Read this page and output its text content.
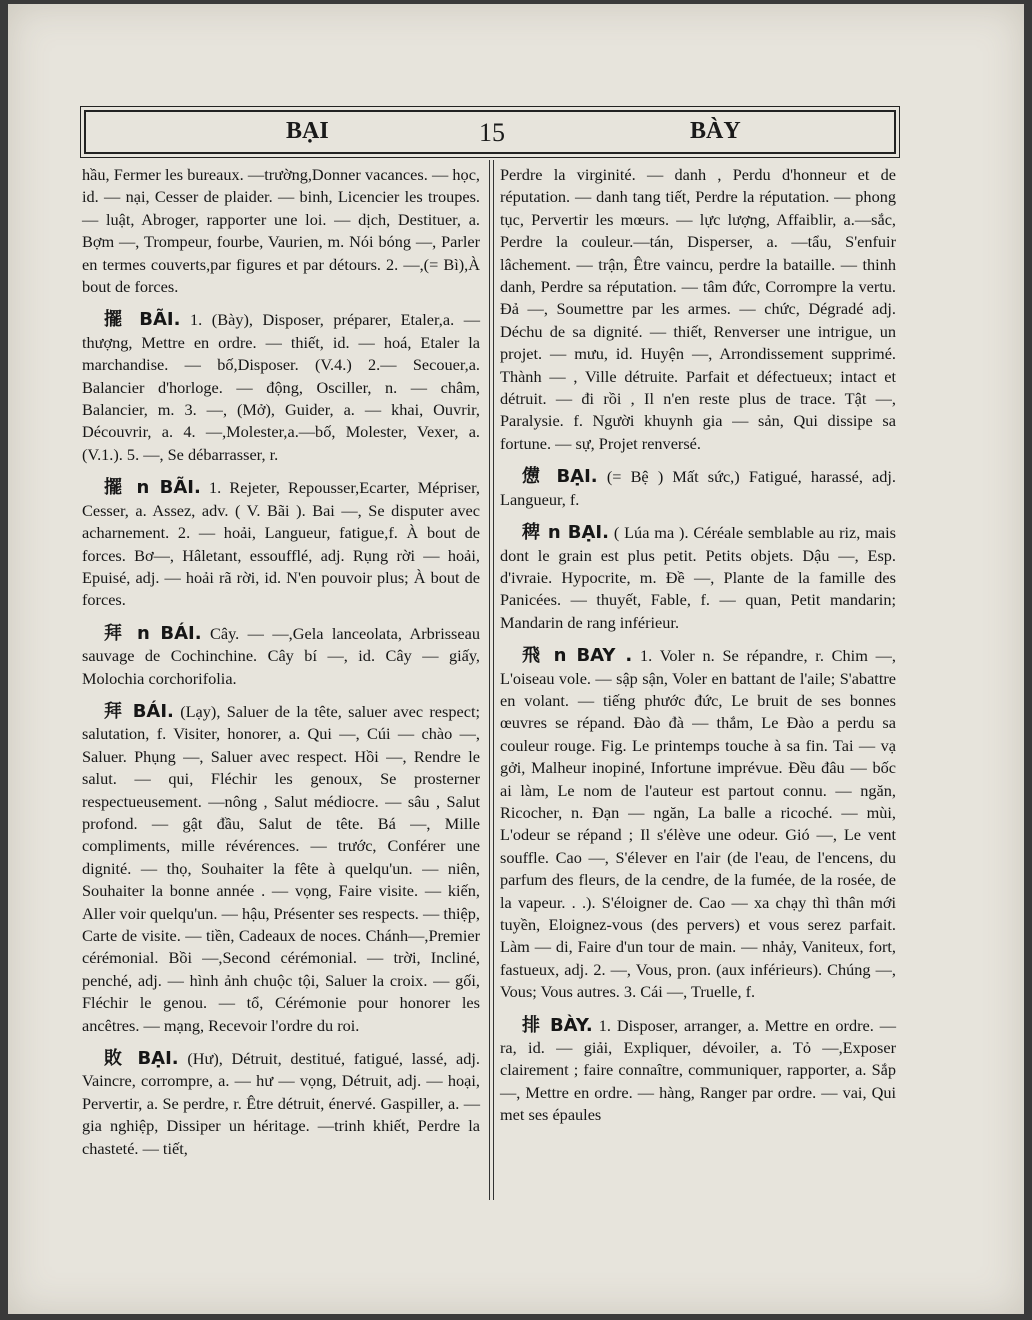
BẠI	15	BÀY

hầu, Fermer les bureaux. —trường,Donner vacances. — học, id. — nại, Cesser de plaider. — binh, Licencier les troupes. — luật, Abroger, rapporter une loi. — dịch, Destituer, a. Bợm —, Trompeur, fourbe, Vaurien, m. Nói bóng —, Parler en termes couverts,par figures et par détours. 2. —,(= Bì),À bout de forces.

擺 BÃI. 1. (Bày), Disposer, préparer, Etaler,a. — thượng, Mettre en ordre. — thiết, id. — hoá, Etaler la marchandise. — bố,Disposer. (V.4.) 2.— Secouer,a. Balancier d'horloge. — động, Osciller, n. — châm, Balancier, m. 3. —, (Mở), Guider, a. — khai, Ouvrir, Découvrir, a. 4. —,Molester,a.—bố, Molester, Vexer, a. (V.1.). 5. —, Se débarrasser, r.

擺 n BÃI. 1. Rejeter, Repousser,Ecarter, Mépriser, Cesser, a. Assez, adv. ( V. Bãi ). Bai —, Se disputer avec acharnement. 2. — hoải, Langueur, fatigue,f. À bout de forces. Bơ—, Hâletant, essoufflé, adj. Rụng rời — hoải, Epuisé, adj. — hoải rã rời, id. N'en pouvoir plus; À bout de forces.

拜 n BÁI. Cây. — —,Gela lanceolata, Arbrisseau sauvage de Cochinchine. Cây bí —, id. Cây — giấy, Molochia corchorifolia.

拜 BÁI. (Lạy), Saluer de la tête, saluer avec respect; salutation, f. Visiter, honorer, a. Qui —, Cúi — chào —, Saluer. Phụng —, Saluer avec respect. Hồi —, Rendre le salut. — qui, Fléchir les genoux, Se prosterner respectueusement. —nông , Salut médiocre. — sâu , Salut profond. — gật đầu, Salut de tête. Bá —, Mille compliments, mille révérences. — trước, Conférer une dignité. — thọ, Souhaiter la fête à quelqu'un. — niên, Souhaiter la bonne année . — vọng, Faire visite. — kiến, Aller voir quelqu'un. — hậu, Présenter ses respects. — thiệp, Carte de visite. — tiền, Cadeaux de noces. Chánh—,Premier cérémonial. Bồi —,Second cérémonial. — trời, Incliné, penché, adj. — hình ảnh chuộc tội, Saluer la croix. — gối, Fléchir le genou. — tổ, Cérémonie pour honorer les ancêtres. — mạng, Recevoir l'ordre du roi.

敗 BẠI. (Hư), Détruit, destitué, fatigué, lassé, adj. Vaincre, corrompre, a. — hư — vọng, Détruit, adj. — hoại, Pervertir, a. Se perdre, r. Être détruit, énervé. Gaspiller, a. — gia nghiệp, Dissiper un héritage. —trinh khiết, Perdre la chasteté. — tiết,

Perdre la virginité. — danh , Perdu d'honneur et de réputation. — danh tang tiết, Perdre la réputation. — phong tục, Pervertir les mœurs. — lực lượng, Affaiblir, a.—sắc, Perdre la couleur.—tán, Disperser, a. —tẩu, S'enfuir lâchement. — trận, Être vaincu, perdre la bataille. — thinh danh, Perdre sa réputation. — tâm đức, Corrompre la vertu. Đả —, Soumettre par les armes. — chức, Dégradé adj. Déchu de sa dignité. — thiết, Renverser une intrigue, un projet. — mưu, id. Huyện —, Arrondissement supprimé. Thành — , Ville détruite. Parfait et défectueux; intact et détruit. — đi rồi , Il n'en reste plus de trace. Tật —, Paralysie. f. Người khuynh gia — sản, Qui dissipe sa fortune. — sự, Projet renversé.

憊 BẠI. (= Bệ ) Mất sức,) Fatigué, harassé, adj. Langueur, f.

稗 n BẠI. ( Lúa ma ). Céréale semblable au riz, mais dont le grain est plus petit. Petits objets. Dậu —, Esp. d'ivraie. Hypocrite, m. Đề —, Plante de la famille des Panicées. — thuyết, Fable, f. — quan, Petit mandarin; Mandarin de rang inférieur.

飛 n BAY . 1. Voler n. Se répandre, r. Chim —, L'oiseau vole. — sập sận, Voler en battant de l'aile; S'abattre en volant. — tiếng phước đức, Le bruit de ses bonnes œuvres se répand. Đào đà — thắm, Le Đào a perdu sa couleur rouge. Fig. Le printemps touche à sa fin. Tai — vạ gởi, Malheur inopiné, Infortune imprévue. Đều đâu — bốc ai làm, Le nom de l'auteur est partout connu. — ngăn, Ricocher, n. Đạn — ngăn, La balle a ricoché. — mùi, L'odeur se répand ; Il s'élève une odeur. Gió —, Le vent souffle. Cao —, S'élever en l'air (de l'eau, de l'encens, du parfum des fleurs, de la cendre, de la fumée, de la rosée, de la vapeur. . .). S'éloigner de. Cao — xa chạy thì thân mới tuyền, Eloignez-vous (des pervers) et vous serez parfait. Làm — di, Faire d'un tour de main. — nhảy, Vaniteux, fort, fastueux, adj. 2. —, Vous, pron. (aux inférieurs). Chúng —, Vous; Vous autres. 3. Cái —, Truelle, f.

排 BÀY. 1. Disposer, arranger, a. Mettre en ordre. — ra, id. — giải, Expliquer, dévoiler, a. Tỏ —,Exposer clairement ; faire connaître, communiquer, rapporter, a. Sắp —, Mettre en ordre. — hàng, Ranger par ordre. — vai, Qui met ses épaules
